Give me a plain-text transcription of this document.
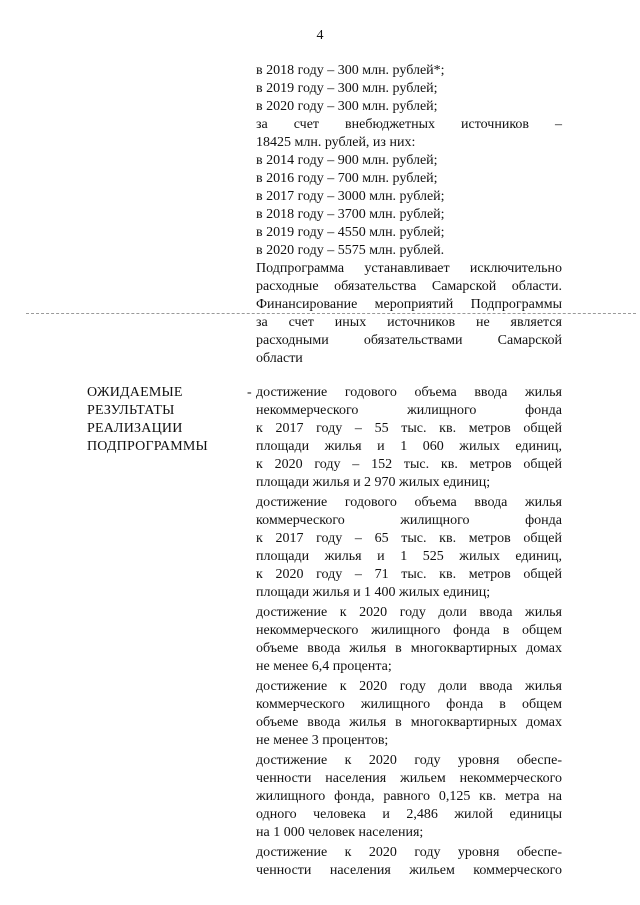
4
в 2018 году – 300 млн. рублей*;
в 2019 году – 300 млн. рублей;
в 2020 году – 300 млн. рублей;
за счет внебюджетных источников –
18425 млн. рублей, из них:
в 2014 году – 900 млн. рублей;
в 2016 году – 700 млн. рублей;
в 2017 году – 3000 млн. рублей;
в 2018 году – 3700 млн. рублей;
в 2019 году – 4550 млн. рублей;
в 2020 году – 5575 млн. рублей.
Подпрограмма устанавливает исключительно
расходные обязательства Самарской области.
Финансирование мероприятий Подпрограммы
за счет иных источников не является
расходными обязательствами Самарской
области
ОЖИДАЕМЫЕ
РЕЗУЛЬТАТЫ
РЕАЛИЗАЦИИ
ПОДПРОГРАММЫ
- достижение годового объема ввода жилья
некоммерческого жилищного фонда
к 2017 году – 55 тыс. кв. метров общей
площади жилья и 1 060 жилых единиц,
к 2020 году – 152 тыс. кв. метров общей
площади жилья и 2 970 жилых единиц;
достижение годового объема ввода жилья
коммерческого жилищного фонда
к 2017 году – 65 тыс. кв. метров общей
площади жилья и 1 525 жилых единиц,
к 2020 году – 71 тыс. кв. метров общей
площади жилья и 1 400 жилых единиц;
достижение к 2020 году доли ввода жилья
некоммерческого жилищного фонда в общем
объеме ввода жилья в многоквартирных домах
не менее 6,4 процента;
достижение к 2020 году доли ввода жилья
коммерческого жилищного фонда в общем
объеме ввода жилья в многоквартирных домах
не менее 3 процентов;
достижение к 2020 году уровня обеспе-
ченности населения жильем некоммерческого
жилищного фонда, равного 0,125 кв. метра на
одного человека и 2,486 жилой единицы
на 1 000 человек населения;
достижение к 2020 году уровня обеспе-
ченности населения жильем коммерческого
